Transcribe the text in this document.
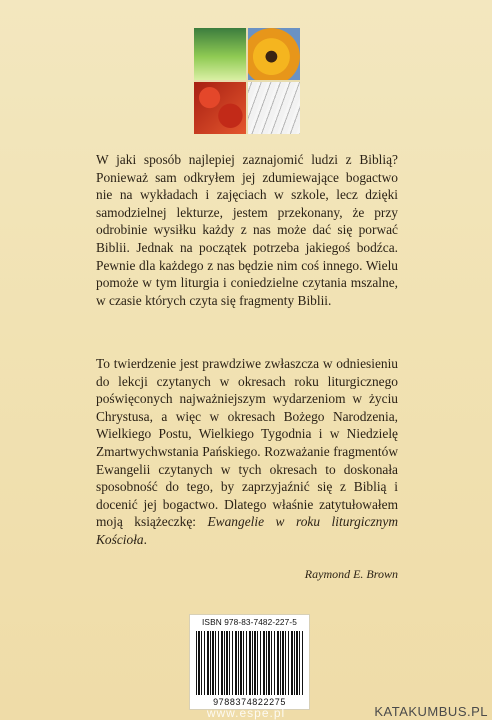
W jaki sposób najlepiej zaznajomić ludzi z Biblią? Ponieważ sam odkryłem jej zdumiewające bogactwo nie na wykładach i zajęciach w szkole, lecz dzięki samodzielnej lekturze, jestem przekonany, że przy odrobinie wysiłku każdy z nas może dać się porwać Biblii. Jednak na początek potrzeba jakiegoś bodźca. Pewnie dla każdego z nas będzie nim coś innego. Wielu pomoże w tym liturgia i coniedzielne czytania mszalne, w czasie których czyta się fragmenty Biblii.

To twierdzenie jest prawdziwe zwłaszcza w odniesieniu do lekcji czytanych w okresach roku liturgicznego poświęconych najważniejszym wydarzeniom w życiu Chrystusa, a więc w okresach Bożego Narodzenia, Wielkiego Postu, Wielkiego Tygodnia i w Niedzielę Zmartwychwstania Pańskiego. Rozważanie fragmentów Ewangelii czytanych w tych okresach to doskonała sposobność do tego, by zaprzyjaźnić się z Biblią i docenić jej bogactwo. Dlatego właśnie zatytułowałem moją książeczkę: Ewangelie w roku liturgicznym Kościoła.

Raymond E. Brown
ISBN 978-83-7482-227-5
9788374822275
www.espe.pl	KATAKUMBUS.PL
